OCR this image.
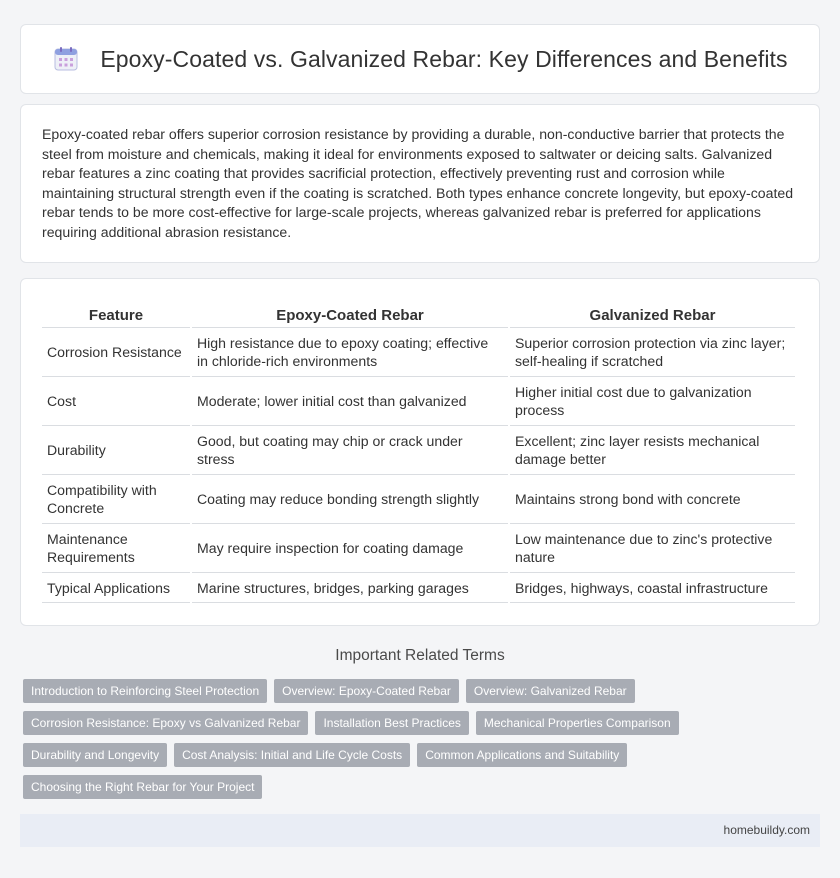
Epoxy-Coated vs. Galvanized Rebar: Key Differences and Benefits

Epoxy-coated rebar offers superior corrosion resistance by providing a durable, non-conductive barrier that protects the steel from moisture and chemicals, making it ideal for environments exposed to saltwater or deicing salts. Galvanized rebar features a zinc coating that provides sacrificial protection, effectively preventing rust and corrosion while maintaining structural strength even if the coating is scratched. Both types enhance concrete longevity, but epoxy-coated rebar tends to be more cost-effective for large-scale projects, whereas galvanized rebar is preferred for applications requiring additional abrasion resistance.

Feature	Epoxy-Coated Rebar	Galvanized Rebar
Corrosion Resistance	High resistance due to epoxy coating; effective in chloride-rich environments	Superior corrosion protection via zinc layer; self-healing if scratched
Cost	Moderate; lower initial cost than galvanized	Higher initial cost due to galvanization process
Durability	Good, but coating may chip or crack under stress	Excellent; zinc layer resists mechanical damage better
Compatibility with Concrete	Coating may reduce bonding strength slightly	Maintains strong bond with concrete
Maintenance Requirements	May require inspection for coating damage	Low maintenance due to zinc's protective nature
Typical Applications	Marine structures, bridges, parking garages	Bridges, highways, coastal infrastructure
Important Related Terms
Introduction to Reinforcing Steel Protection	Overview: Epoxy-Coated Rebar	Overview: Galvanized Rebar
Corrosion Resistance: Epoxy vs Galvanized Rebar	Installation Best Practices	Mechanical Properties Comparison
Durability and Longevity	Cost Analysis: Initial and Life Cycle Costs	Common Applications and Suitability
Choosing the Right Rebar for Your Project
homebuildy.com
